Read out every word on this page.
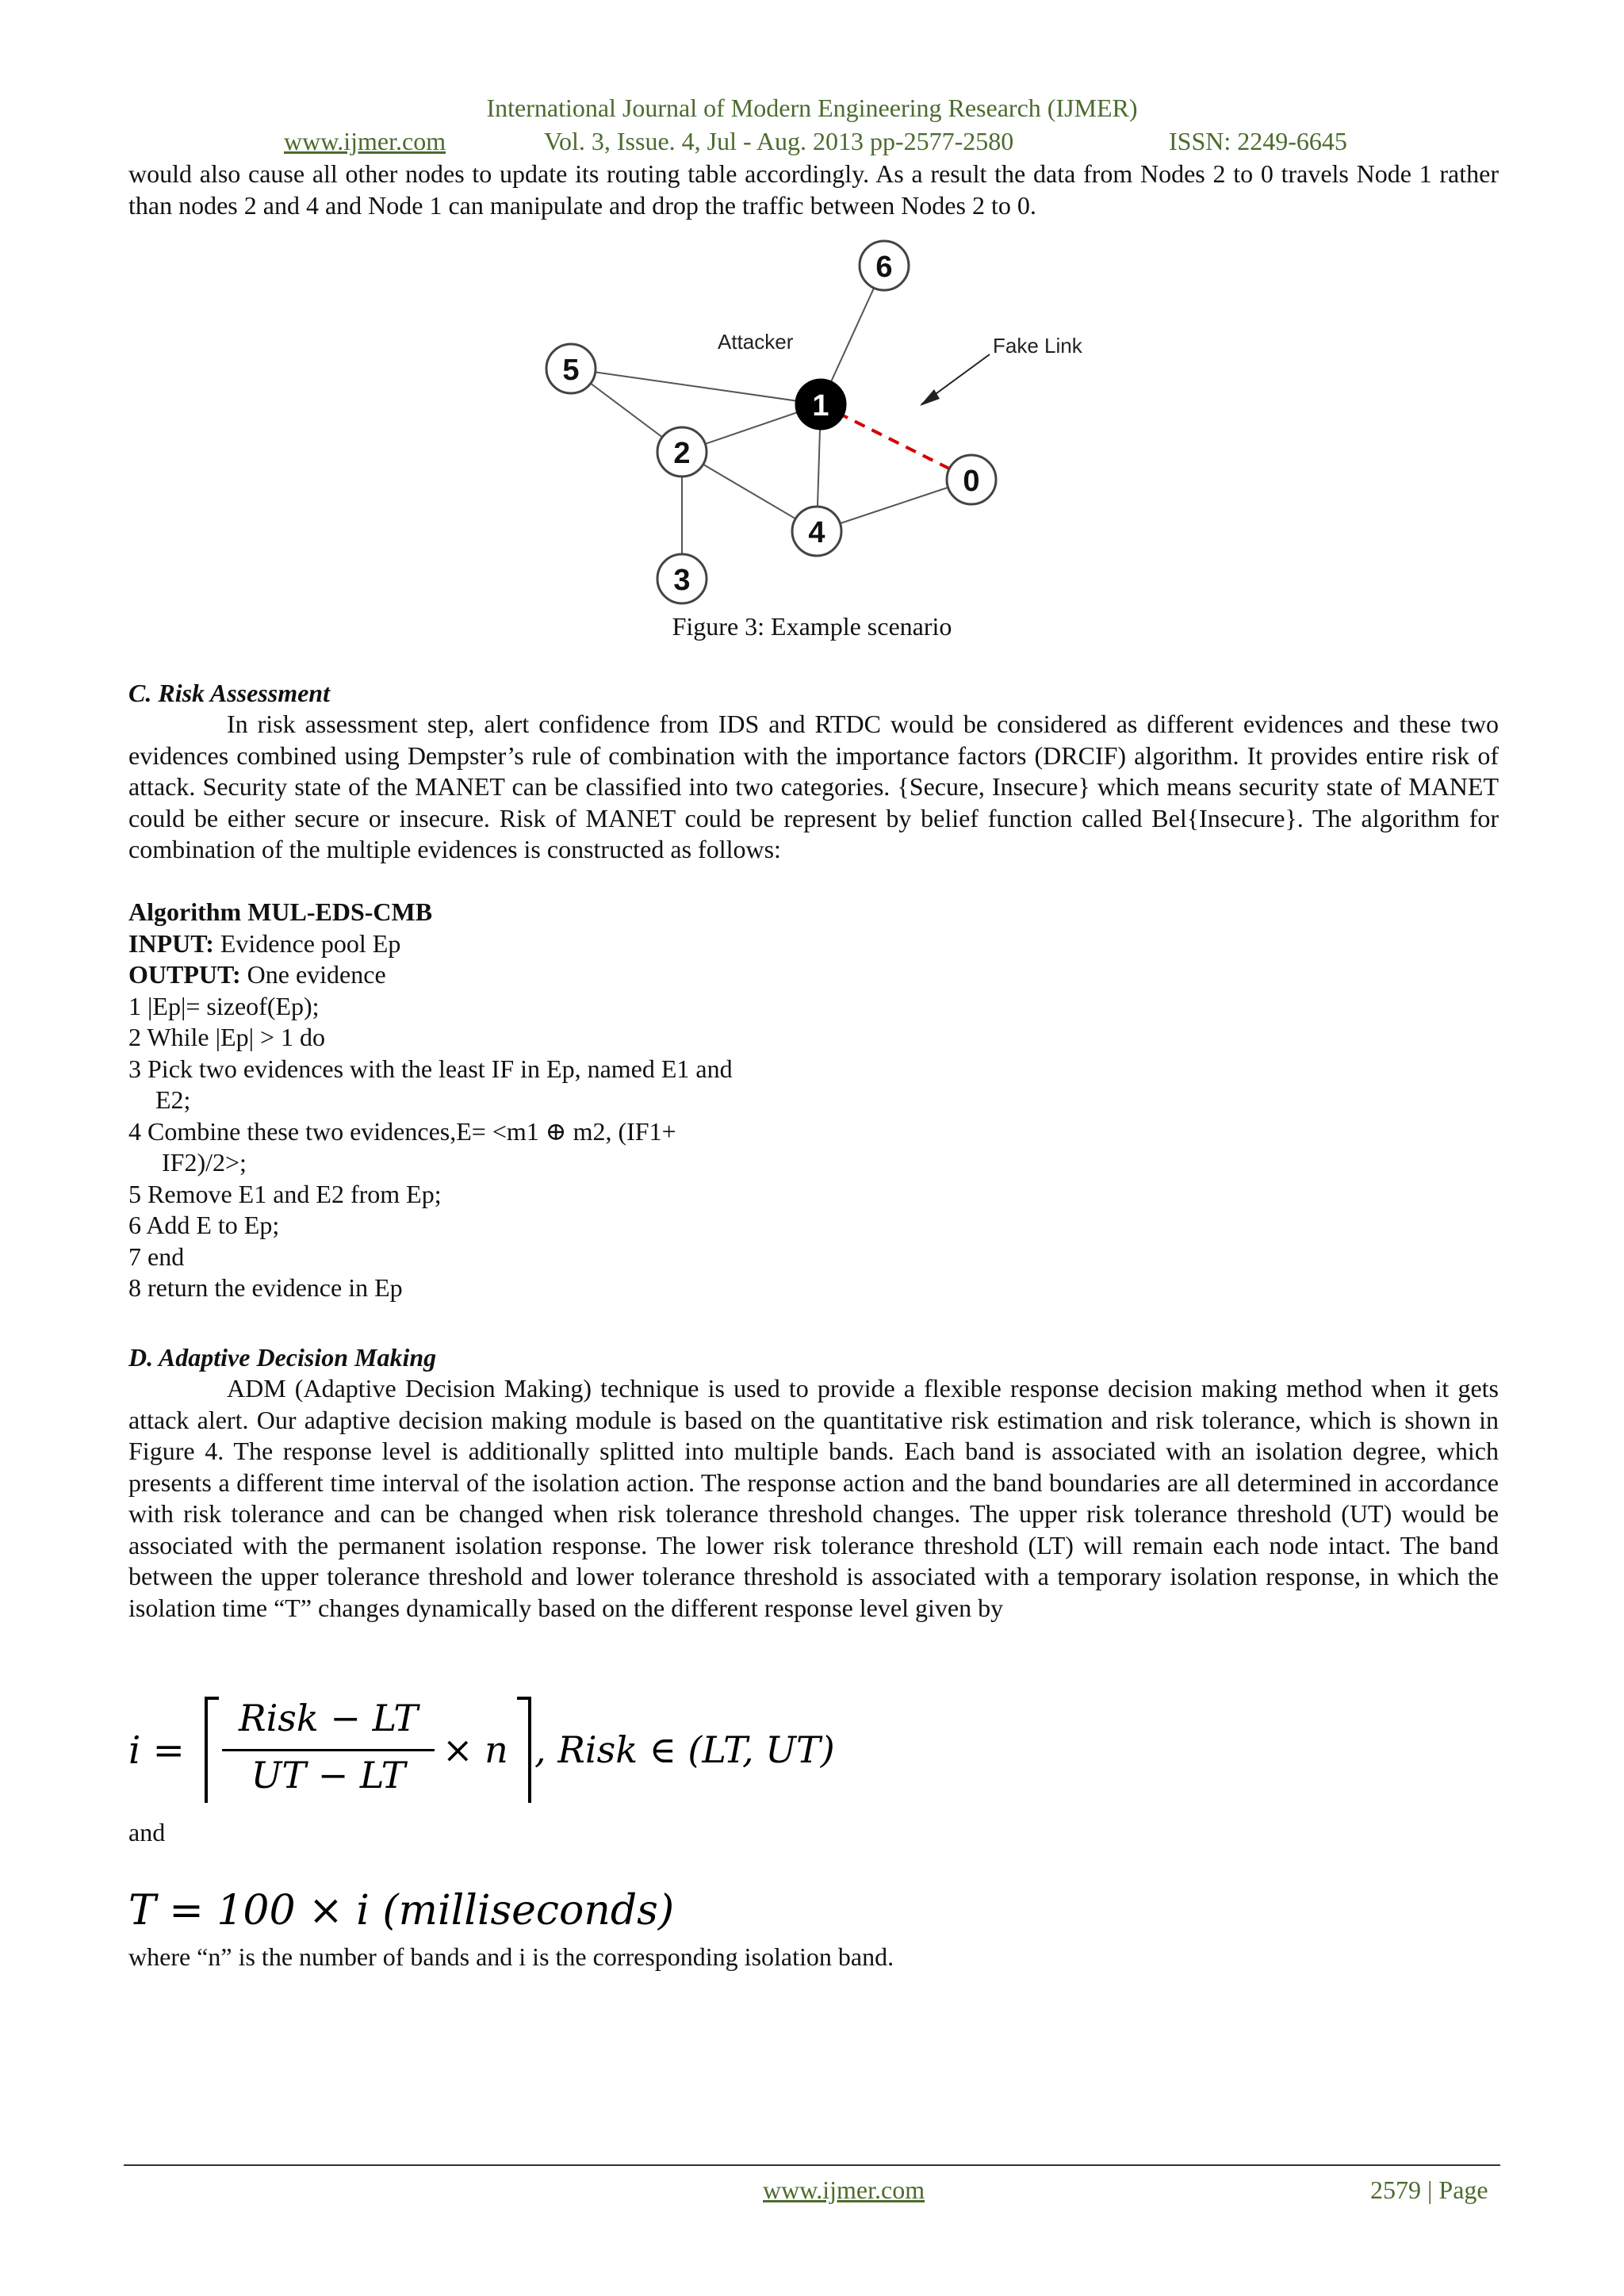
International Journal of Modern Engineering Research (IJMER)
www.ijmer.com	Vol. 3, Issue. 4, Jul - Aug. 2013 pp-2577-2580	ISSN: 2249-6645
would also cause all other nodes to update its routing table accordingly. As a result the data from Nodes 2 to 0 travels Node 1 rather than nodes 2 and 4 and Node 1 can manipulate and drop the traffic between Nodes 2 to 0.
Attacker	Fake Link
6
5
1
2
0
4
3
Figure 3: Example scenario
C. Risk Assessment
In risk assessment step, alert confidence from IDS and RTDC would be considered as different evidences and these two evidences combined using Dempster’s rule of combination with the importance factors (DRCIF) algorithm. It provides entire risk of attack. Security state of the MANET can be classified into two categories. {Secure, Insecure} which means security state of MANET could be either secure or insecure. Risk of MANET could be represent by belief function called Bel{Insecure}. The algorithm for combination of the multiple evidences is constructed as follows:
Algorithm MUL-EDS-CMB
INPUT: Evidence pool Ep
OUTPUT: One evidence
1 |Ep|= sizeof(Ep);
2 While |Ep| > 1 do
3 Pick two evidences with the least IF in Ep, named E1 and
E2;
4 Combine these two evidences,E= <m1 ⊕ m2, (IF1+
IF2)/2>;
5 Remove E1 and E2 from Ep;
6 Add E to Ep;
7 end
8 return the evidence in Ep
D. Adaptive Decision Making
ADM (Adaptive Decision Making) technique is used to provide a flexible response decision making method when it gets attack alert. Our adaptive decision making module is based on the quantitative risk estimation and risk tolerance, which is shown in Figure 4. The response level is additionally splitted into multiple bands. Each band is associated with an isolation degree, which presents a different time interval of the isolation action. The response action and the band boundaries are all determined in accordance with risk tolerance and can be changed when risk tolerance threshold changes. The upper risk tolerance threshold (UT) would be associated with the permanent isolation response. The lower risk tolerance threshold (LT) will remain each node intact. The band between the upper tolerance threshold and lower tolerance threshold is associated with a temporary isolation response, in which the isolation time “T” changes dynamically based on the different response level given by
i =
Risk − LT
UT − LT
× n , Risk ∈ (LT, UT)
and
T = 100 × i (milliseconds)
where “n” is the number of bands and i is the corresponding isolation band.
www.ijmer.com	2579 | Page
